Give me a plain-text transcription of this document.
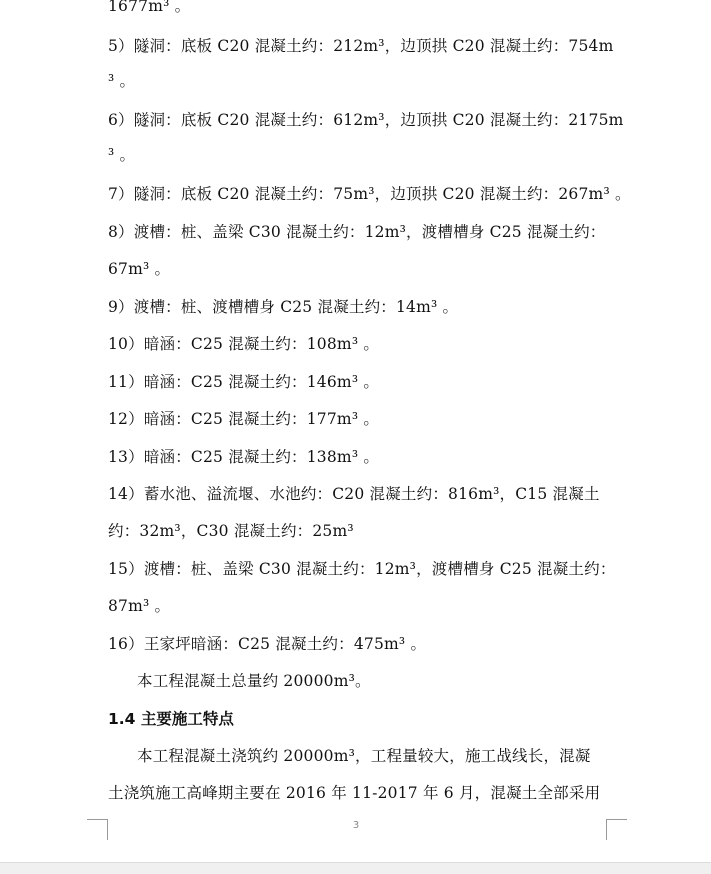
1677m³ 。
5）隧洞：底板 C20 混凝土约：212m³，边顶拱 C20 混凝土约：754m
³ 。
6）隧洞：底板 C20 混凝土约：612m³，边顶拱 C20 混凝土约：2175m
³ 。
7）隧洞：底板 C20 混凝土约：75m³，边顶拱 C20 混凝土约：267m³ 。
8）渡槽：桩、盖梁 C30 混凝土约：12m³，渡槽槽身 C25 混凝土约：
67m³ 。
9）渡槽：桩、渡槽槽身 C25 混凝土约：14m³ 。
10）暗涵：C25 混凝土约：108m³ 。
11）暗涵：C25 混凝土约：146m³ 。
12）暗涵：C25 混凝土约：177m³ 。
13）暗涵：C25 混凝土约：138m³ 。
14）蓄水池、溢流堰、水池约：C20 混凝土约：816m³，C15 混凝土
约：32m³，C30 混凝土约：25m³
15）渡槽：桩、盖梁 C30 混凝土约：12m³，渡槽槽身 C25 混凝土约：
87m³ 。
16）王家坪暗涵：C25 混凝土约：475m³ 。
本工程混凝土总量约 20000m³。
1.4 主要施工特点
本工程混凝土浇筑约 20000m³，工程量较大，施工战线长，混凝
土浇筑施工高峰期主要在 2016 年 11-2017 年 6 月，混凝土全部采用
3
